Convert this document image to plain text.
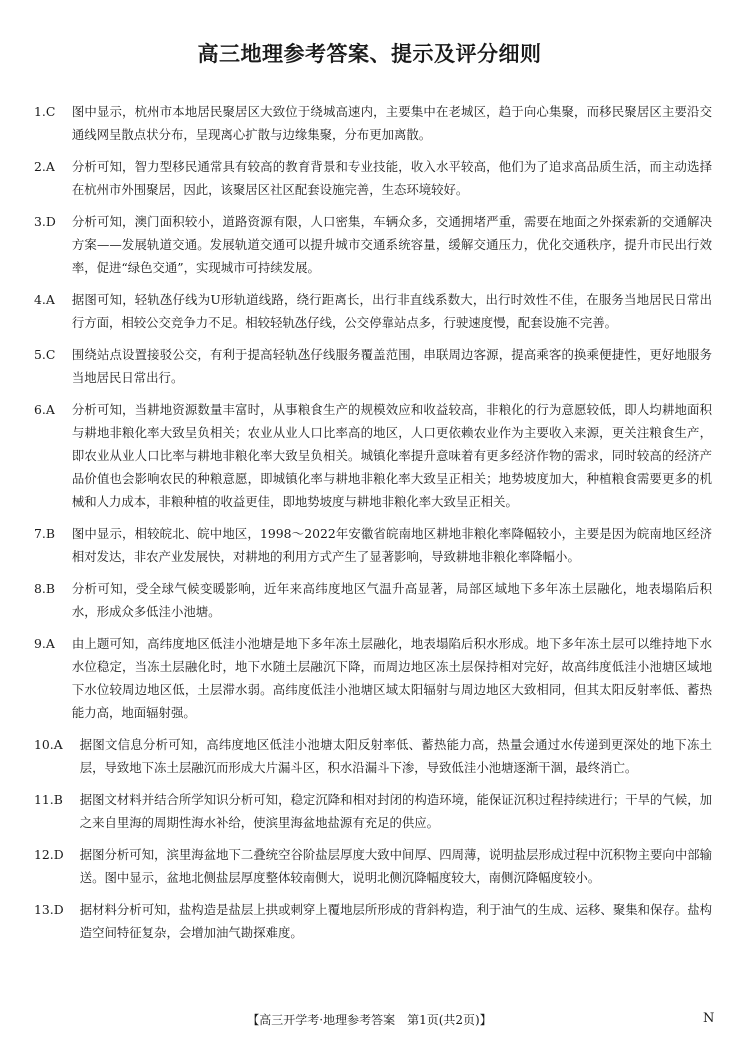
高三地理参考答案、提示及评分细则
1. C	图中显示，杭州市本地居民聚居区大致位于绕城高速内，主要集中在老城区，趋于向心集聚，而移民聚居区主要沿交通线网呈散点状分布，呈现离心扩散与边缘集聚，分布更加离散。
2. A	分析可知，智力型移民通常具有较高的教育背景和专业技能，收入水平较高，他们为了追求高品质生活，而主动选择在杭州市外围聚居，因此，该聚居区社区配套设施完善，生态环境较好。
3. D	分析可知，澳门面积较小，道路资源有限，人口密集，车辆众多，交通拥堵严重，需要在地面之外探索新的交通解决方案——发展轨道交通。发展轨道交通可以提升城市交通系统容量，缓解交通压力，优化交通秩序，提升市民出行效率，促进“绿色交通”，实现城市可持续发展。
4. A	据图可知，轻轨氹仔线为U形轨道线路，绕行距离长，出行非直线系数大，出行时效性不佳，在服务当地居民日常出行方面，相较公交竞争力不足。相较轻轨氹仔线，公交停靠站点多，行驶速度慢，配套设施不完善。
5. C	围绕站点设置接驳公交，有利于提高轻轨氹仔线服务覆盖范围，串联周边客源，提高乘客的换乘便捷性，更好地服务当地居民日常出行。
6. A	分析可知，当耕地资源数量丰富时，从事粮食生产的规模效应和收益较高，非粮化的行为意愿较低，即人均耕地面积与耕地非粮化率大致呈负相关；农业从业人口比率高的地区，人口更依赖农业作为主要收入来源，更关注粮食生产，即农业从业人口比率与耕地非粮化率大致呈负相关。城镇化率提升意味着有更多经济作物的需求，同时较高的经济产品价值也会影响农民的种粮意愿，即城镇化率与耕地非粮化率大致呈正相关；地势坡度加大，种植粮食需要更多的机械和人力成本，非粮种植的收益更佳，即地势坡度与耕地非粮化率大致呈正相关。
7. B	图中显示，相较皖北、皖中地区，1998～2022年安徽省皖南地区耕地非粮化率降幅较小，主要是因为皖南地区经济相对发达，非农产业发展快，对耕地的利用方式产生了显著影响，导致耕地非粮化率降幅小。
8. B	分析可知，受全球气候变暖影响，近年来高纬度地区气温升高显著，局部区域地下多年冻土层融化，地表塌陷后积水，形成众多低洼小池塘。
9. A	由上题可知，高纬度地区低洼小池塘是地下多年冻土层融化，地表塌陷后积水形成。地下多年冻土层可以维持地下水水位稳定，当冻土层融化时，地下水随土层融沉下降，而周边地区冻土层保持相对完好，故高纬度低洼小池塘区域地下水位较周边地区低，土层滞水弱。高纬度低洼小池塘区域太阳辐射与周边地区大致相同，但其太阳反射率低、蓄热能力高，地面辐射强。
10. A	据图文信息分析可知，高纬度地区低洼小池塘太阳反射率低、蓄热能力高，热量会通过水传递到更深处的地下冻土层，导致地下冻土层融沉而形成大片漏斗区，积水沿漏斗下渗，导致低洼小池塘逐渐干涸，最终消亡。
11. B	据图文材料并结合所学知识分析可知，稳定沉降和相对封闭的构造环境，能保证沉积过程持续进行；干旱的气候，加之来自里海的周期性海水补给，使滨里海盆地盐源有充足的供应。
12. D	据图分析可知，滨里海盆地下二叠统空谷阶盐层厚度大致中间厚、四周薄，说明盐层形成过程中沉积物主要向中部输送。图中显示，盆地北侧盐层厚度整体较南侧大，说明北侧沉降幅度较大，南侧沉降幅度较小。
13. D	据材料分析可知，盐构造是盐层上拱或刺穿上覆地层所形成的背斜构造，利于油气的生成、运移、聚集和保存。盐构造空间特征复杂，会增加油气勘探难度。
【高三开学考·地理参考答案　第1页(共2页)】	N
